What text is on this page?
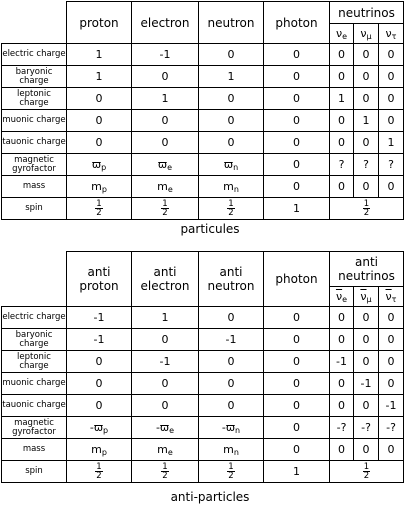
	proton	electron	neutron	photon	neutrinos		
					$\nu_e$	$\nu_\mu$	$\nu_\tau$
electric charge	1	-1	0	0	0	0	0
baryonic charge	1	0	1	0	0	0	0
leptonic charge	0	1	0	0	1	0	0
muonic charge	0	0	0	0	0	1	0
tauonic charge	0	0	0	0	0	0	1
magnetic gyrofactor	$ϖ_p$	$ϖ_e$	$ϖ_n$	0	?	?	?
mass	$m_p$	$m_e$	$m_n$	0	0	0	0
spin	$\frac{1}{2}$	$\frac{1}{2}$	$\frac{1}{2}$	1	$\frac{1}{2}$
particules
	anti proton	anti electron	anti neutron	photon	anti neutrinos		
					$\overline{\nu}_e$	$\overline{\nu}_\mu$	$\overline{\nu}_\tau$
electric charge	-1	1	0	0	0	0	0
baryonic charge	-1	0	-1	0	0	0	0
leptonic charge	0	-1	0	0	-1	0	0
muonic charge	0	0	0	0	0	-1	0
tauonic charge	0	0	0	0	0	0	-1
magnetic gyrofactor	$-ϖ_p$	$-ϖ_e$	$-ϖ_n$	0	-?	-?	-?
mass	$m_p$	$m_e$	$m_n$	0	0	0	0
spin	$\frac{1}{2}$	$\frac{1}{2}$	$\frac{1}{2}$	1	$\frac{1}{2}$
anti-particles
